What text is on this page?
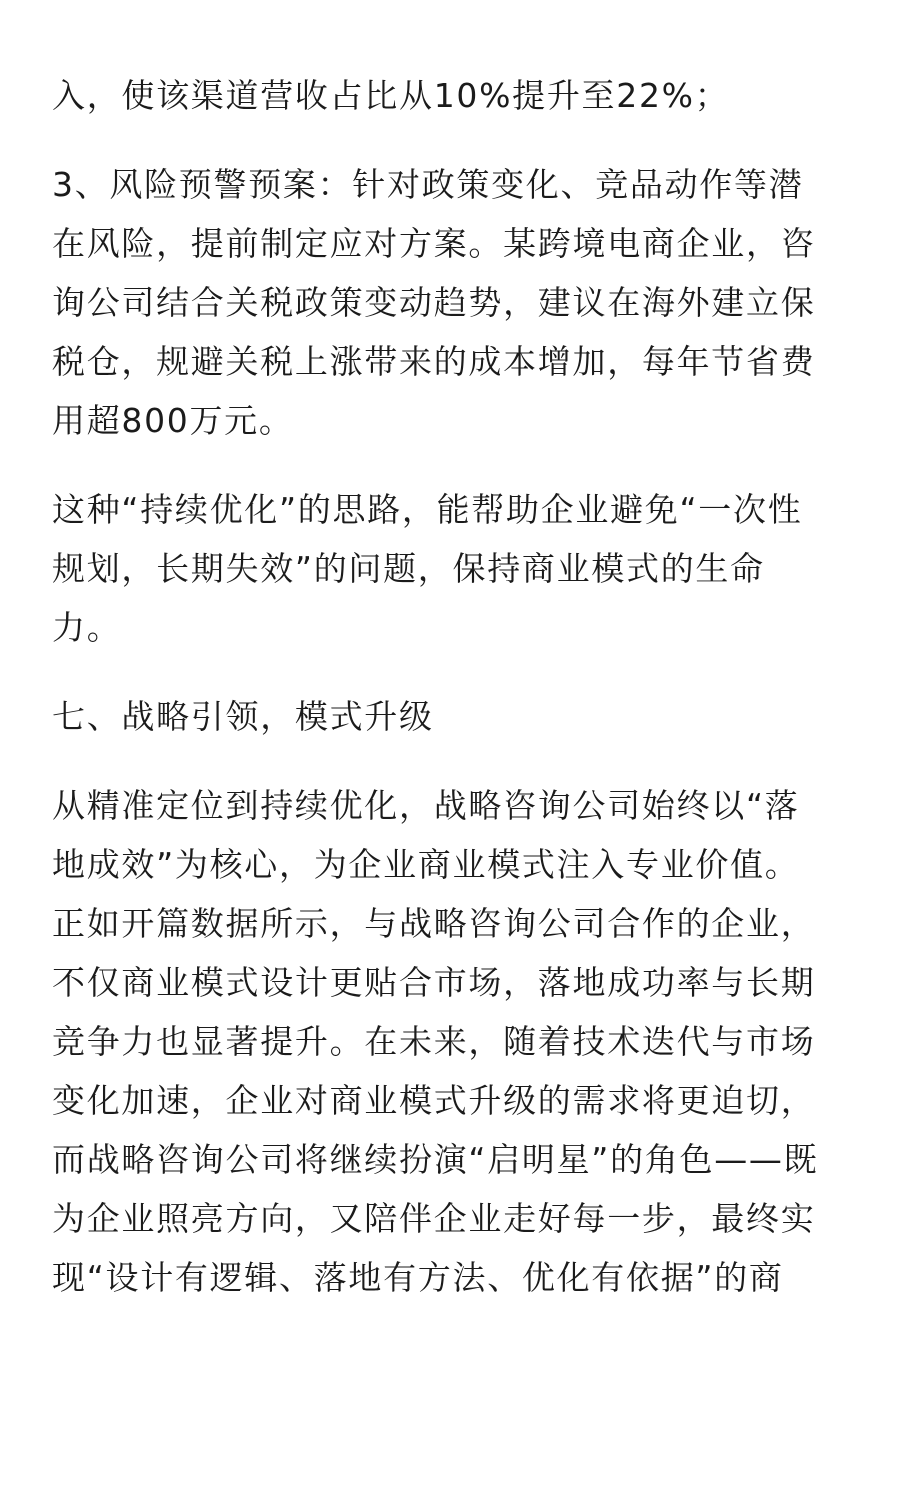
入，使该渠道营收占比从10%提升至22%；

3、风险预警预案：针对政策变化、竞品动作等潜
在风险，提前制定应对方案。某跨境电商企业，咨
询公司结合关税政策变动趋势，建议在海外建立保
税仓，规避关税上涨带来的成本增加，每年节省费
用超800万元。

这种“持续优化”的思路，能帮助企业避免“一次性
规划，长期失效”的问题，保持商业模式的生命
力。

七、战略引领，模式升级

从精准定位到持续优化，战略咨询公司始终以“落
地成效”为核心，为企业商业模式注入专业价值。
正如开篇数据所示，与战略咨询公司合作的企业，
不仅商业模式设计更贴合市场，落地成功率与长期
竞争力也显著提升。在未来，随着技术迭代与市场
变化加速，企业对商业模式升级的需求将更迫切，
而战略咨询公司将继续扮演“启明星”的角色——既
为企业照亮方向，又陪伴企业走好每一步，最终实
现“设计有逻辑、落地有方法、优化有依据”的商
